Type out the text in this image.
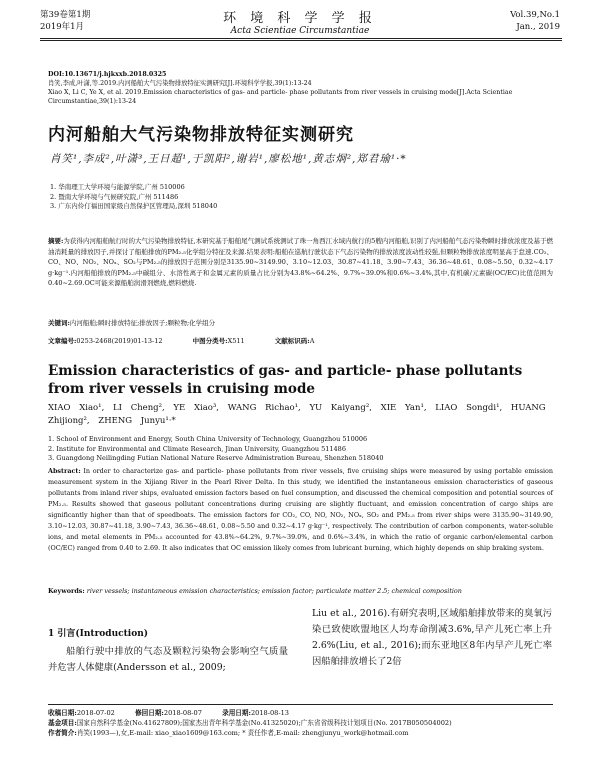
第39卷第1期
2019年1月
环 境 科 学 学 报
Acta Scientiae Circumstantiae
Vol.39,No.1
Jan., 2019
DOI:10.13671/j.hjkxxb.2018.0325
肖笑,李成,叶潇,等.2019.内河船舶大气污染物排放特征实测研究[J].环境科学学报,39(1):13-24
Xiao X, Li C, Ye X, et al. 2019.Emission characteristics of gas- and particle- phase pollutants from river vessels in cruising mode[J].Acta Scientiae Circumstantiae,39(1):13-24
内河船舶大气污染物排放特征实测研究
肖笑¹,李成²,叶潇³,王日超¹,于凯阳²,谢岩¹,廖松地¹,黄志炯²,郑君瑜¹·*
1. 华南理工大学环境与能源学院,广州 510006
2. 暨南大学环境与气候研究院,广州 511486
3. 广东内伶仃福田国家级自然保护区管理局,深圳 518040
摘要:为获得内河船舶航行时的大气污染物排放特征,本研究基于船舶尾气测试系统测试了珠一角西江水域内航行的5艘内河船舶,识别了内河船舶气态污染物瞬时排放浓度及基于燃油消耗量的排放因子,并探讨了船舶排放的PM₂.₅化学组分特征及来源.结果表明:船舶在巡航行驶状态下气态污染物的排放浓度波动性较强,但颗粒物排放浓度明显高于怠速.CO₂、CO、NO、NO₂、NOₓ、SO₂与PM₂.₅的排放因子范围分别是3135.90~3149.90、3.10~12.03、30.87~41.18、3.90~7.43、36.36~48.61、0.08~5.50、0.32~4.17 g·kg⁻¹.内河船舶排放的PM₂.₅中碳组分、水溶性离子和金属元素的质量占比分别为43.8%~64.2%、9.7%~39.0%和0.6%~3.4%,其中,有机碳/元素碳(OC/EC)比值范围为0.40~2.69.OC可能来源船舶润滑剂燃烧,燃料燃烧.
关键词:内河船舶;瞬时排放特征;排放因子;颗粒物;化学组分
文章编号:0253-2468(2019)01-13-12	中图分类号:X511	文献标识码:A
Emission characteristics of gas- and particle- phase pollutants from river vessels in cruising mode
XIAO Xiao¹, LI Cheng², YE Xiao³, WANG Richao¹, YU Kaiyang², XIE Yan¹, LIAO Songdi¹, HUANG Zhijiong², ZHENG Junyu¹·*
1. School of Environment and Energy, South China University of Technology, Guangzhou 510006
2. Institute for Environmental and Climate Research, Jinan University, Guangzhou 511486
3. Guangdong Neilingding Futian National Nature Reserve Administration Bureau, Shenzhen 518040
Abstract: In order to characterize gas- and particle- phase pollutants from river vessels, five cruising ships were measured by using portable emission measurement system in the Xijiang River in the Pearl River Delta. In this study, we identified the instantaneous emission characteristics of gaseous pollutants from inland river ships, evaluated emission factors based on fuel consumption, and discussed the chemical composition and potential sources of PM₂.₅. Results showed that gaseous pollutant concentrations during cruising are slightly fluctuant, and emission concentration of cargo ships are significantly higher than that of speedboats. The emission factors for CO₂, CO, NO, NO₂, NOₓ, SO₂ and PM₂.₅ from river ships were 3135.90~3149.90, 3.10~12.03, 30.87~41.18, 3.90~7.43, 36.36~48.61, 0.08~5.50 and 0.32~4.17 g·kg⁻¹, respectively. The contribution of carbon components, water-soluble ions, and metal elements in PM₂.₅ accounted for 43.8%~64.2%, 9.7%~39.0%, and 0.6%~3.4%, in which the ratio of organic carbon/elemental carbon (OC/EC) ranged from 0.40 to 2.69. It also indicates that OC emission likely comes from lubricant burning, which highly depends on ship braking system.
Keywords: river vessels; instantaneous emission characteristics; emission factor; particulate matter 2.5; chemical composition
1 引言(Introduction)
船舶行驶中排放的气态及颗粒污染物会影响空气质量并危害人体健康(Andersson et al., 2009;
Liu et al., 2016).有研究表明,区域船舶排放带来的臭氧污染已致使欧盟地区人均寿命削减3.6%,早产儿死亡率上升2.6%(Liu, et al., 2016);而东亚地区8年内早产儿死亡率因船舶排放增长了2倍
收稿日期:2018-07-02	修回日期:2018-08-07	录用日期:2018-08-13
基金项目:国家自然科学基金(No.41627809);国家杰出青年科学基金(No.41325020);广东省省级科技计划项目(No. 2017B050504002)
作者简介:肖笑(1993—),女,E-mail: xiao_xiao1609@163.com; * 责任作者,E-mail: zhengjunyu_work@hotmail.com
